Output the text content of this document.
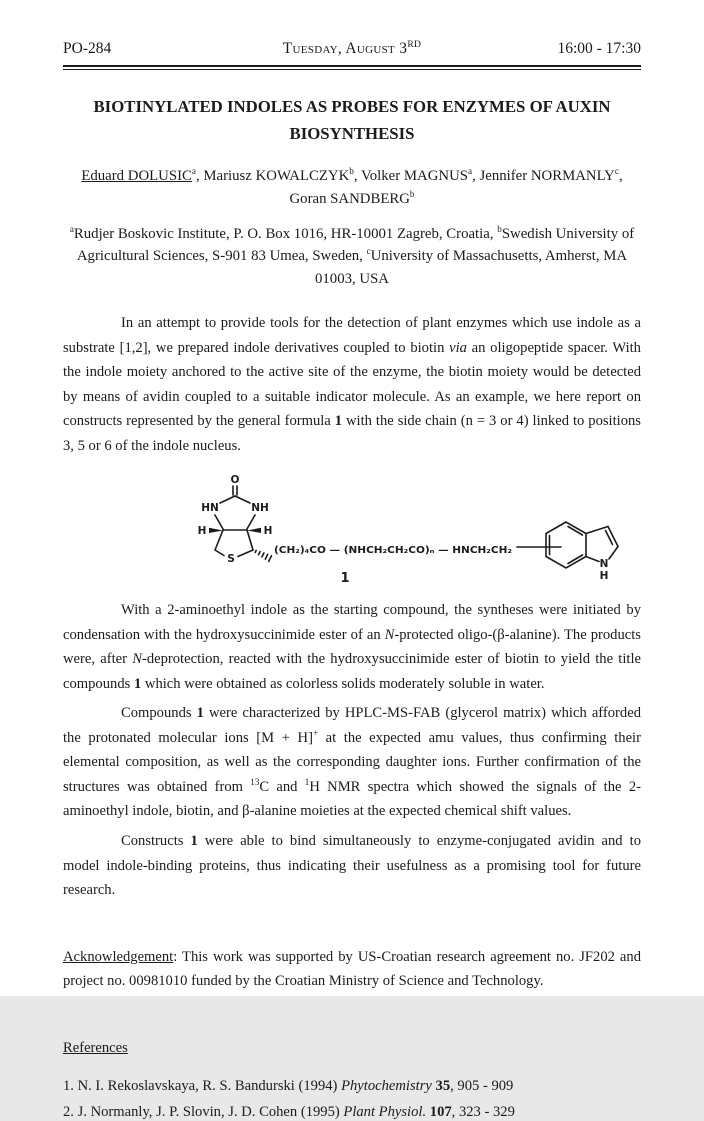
PO-284	Tuesday, August 3RD	16:00 - 17:30
BIOTINYLATED INDOLES AS PROBES FOR ENZYMES OF AUXIN
BIOSYNTHESIS
Eduard DOLUSIC$^a$, Mariusz KOWALCZYK$^b$, Volker MAGNUS$^a$, Jennifer NORMANLY$^c$,
Goran SANDBERG$^b$
$^a$Rudjer Boskovic Institute, P. O. Box 1016, HR-10001 Zagreb, Croatia, $^b$Swedish University of
Agricultural Sciences, S-901 83 Umea, Sweden, $^c$University of Massachusetts, Amherst, MA
01003, USA

In an attempt to provide tools for the detection of plant enzymes which use indole as a substrate [1,2], we prepared indole derivatives coupled to biotin via an oligopeptide spacer. With the indole moiety anchored to the active site of the enzyme, the biotin moiety would be detected by means of avidin coupled to a suitable indicator molecule. As an example, we here report on constructs represented by the general formula 1 with the side chain (n = 3 or 4) linked to positions 3, 5 or 6 of the indole nucleus.

O
HN	NH
H	H
S
(CH₂)₄CO — (NHCH₂CH₂CO)ₙ — HNCH₂CH₂
N
H
1

With a 2-aminoethyl indole as the starting compound, the syntheses were initiated by condensation with the hydroxysuccinimide ester of an N-protected oligo-(β-alanine). The products were, after N-deprotection, reacted with the hydroxysuccinimide ester of biotin to yield the title compounds 1 which were obtained as colorless solids moderately soluble in water.

Compounds 1 were characterized by HPLC-MS-FAB (glycerol matrix) which afforded the protonated molecular ions [M + H]+ at the expected amu values, thus confirming their elemental composition, as well as the corresponding daughter ions. Further confirmation of the structures was obtained from $^{13}$C and $^1$H NMR spectra which showed the signals of the 2-aminoethyl indole, biotin, and β-alanine moieties at the expected chemical shift values.

Constructs 1 were able to bind simultaneously to enzyme-conjugated avidin and to model indole-binding proteins, thus indicating their usefulness as a promising tool for future research.

Acknowledgement: This work was supported by US-Croatian research agreement no. JF202 and project no. 00981010 funded by the Croatian Ministry of Science and Technology.

References

1. N. I. Rekoslavskaya, R. S. Bandurski (1994) Phytochemistry 35, 905 - 909

2. J. Normanly, J. P. Slovin, J. D. Cohen (1995) Plant Physiol. 107, 323 - 329
